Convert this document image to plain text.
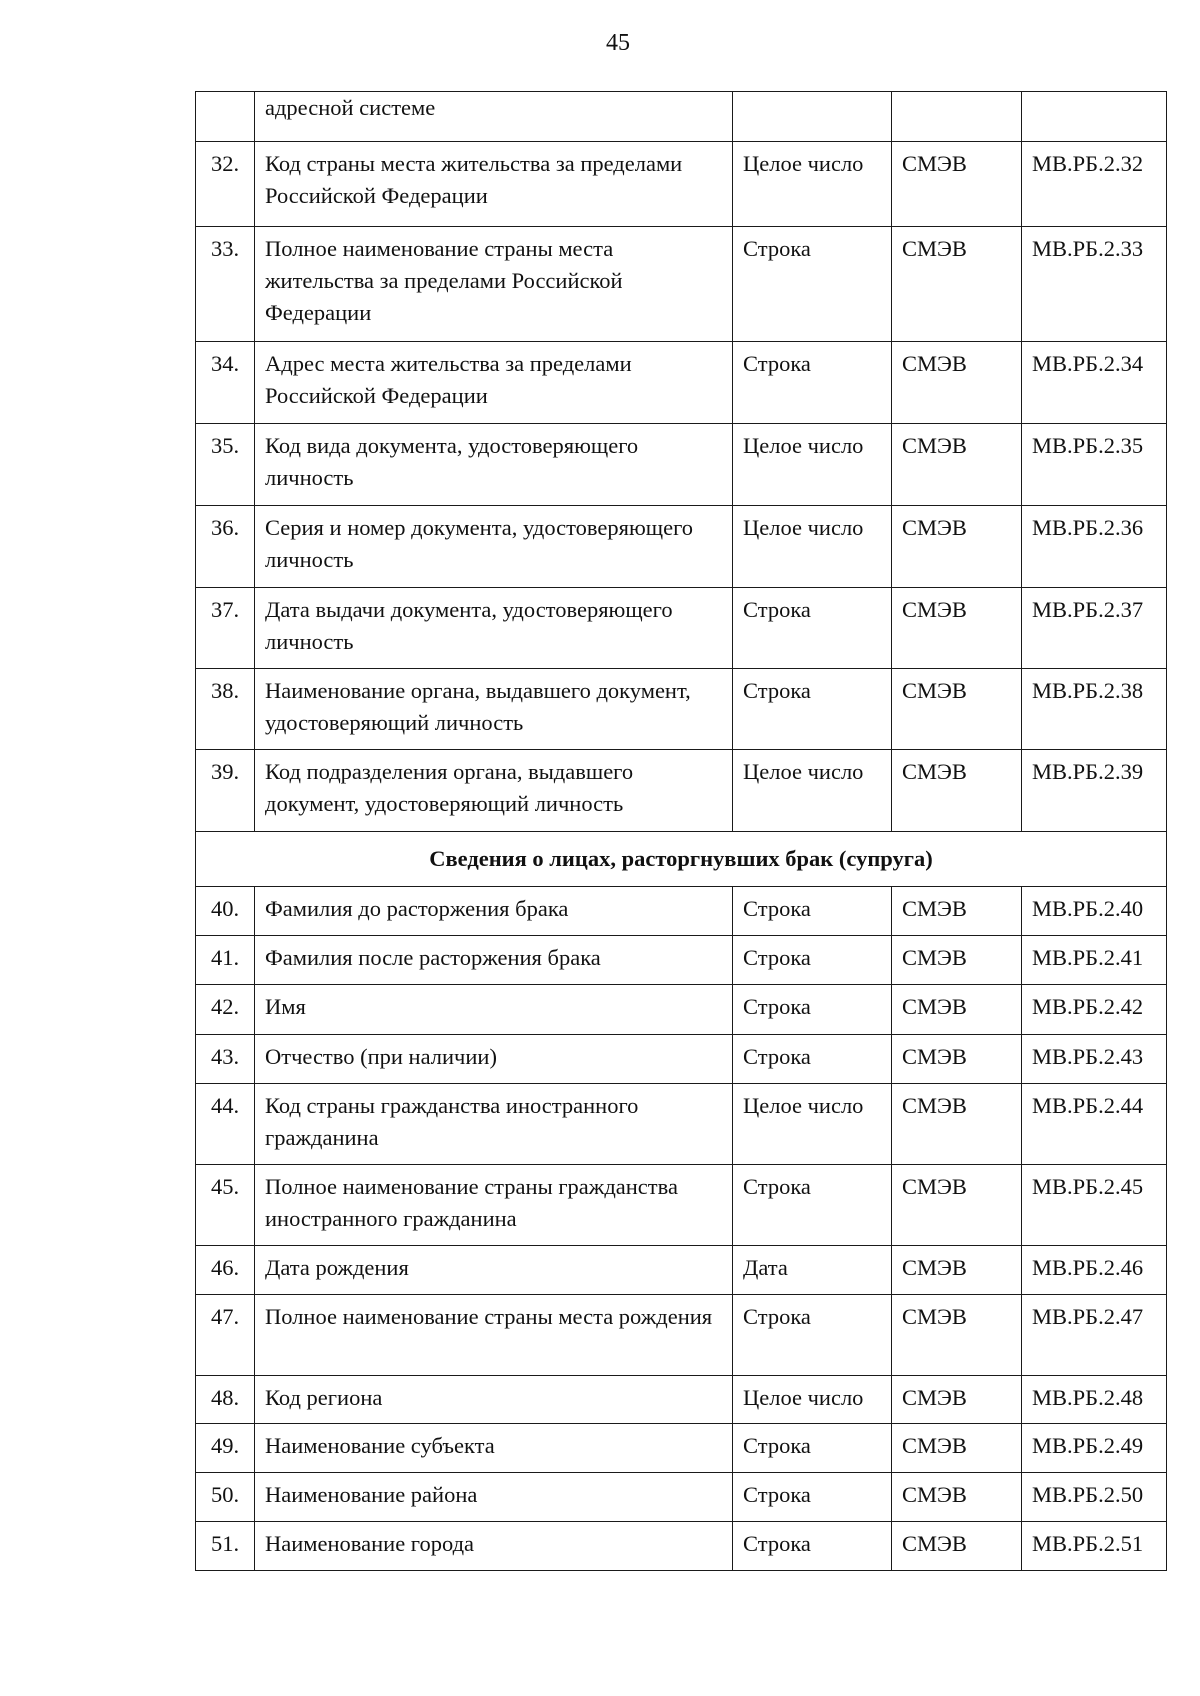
45
	адресной системе			
32.	Код страны места жительства за пределами Российской Федерации	Целое число	СМЭВ	МВ.РБ.2.32
33.	Полное наименование страны места жительства за пределами Российской Федерации	Строка	СМЭВ	МВ.РБ.2.33
34.	Адрес места жительства за пределами Российской Федерации	Строка	СМЭВ	МВ.РБ.2.34
35.	Код вида документа, удостоверяющего личность	Целое число	СМЭВ	МВ.РБ.2.35
36.	Серия и номер документа, удостоверяющего личность	Целое число	СМЭВ	МВ.РБ.2.36
37.	Дата выдачи документа, удостоверяющего личность	Строка	СМЭВ	МВ.РБ.2.37
38.	Наименование органа, выдавшего документ, удостоверяющий личность	Строка	СМЭВ	МВ.РБ.2.38
39.	Код подразделения органа, выдавшего документ, удостоверяющий личность	Целое число	СМЭВ	МВ.РБ.2.39
Сведения о лицах, расторгнувших брак (супруга)				
40.	Фамилия до расторжения брака	Строка	СМЭВ	МВ.РБ.2.40
41.	Фамилия после расторжения брака	Строка	СМЭВ	МВ.РБ.2.41
42.	Имя	Строка	СМЭВ	МВ.РБ.2.42
43.	Отчество (при наличии)	Строка	СМЭВ	МВ.РБ.2.43
44.	Код страны гражданства иностранного гражданина	Целое число	СМЭВ	МВ.РБ.2.44
45.	Полное наименование страны гражданства иностранного гражданина	Строка	СМЭВ	МВ.РБ.2.45
46.	Дата рождения	Дата	СМЭВ	МВ.РБ.2.46
47.	Полное наименование страны места рождения	Строка	СМЭВ	МВ.РБ.2.47
48.	Код региона	Целое число	СМЭВ	МВ.РБ.2.48
49.	Наименование субъекта	Строка	СМЭВ	МВ.РБ.2.49
50.	Наименование района	Строка	СМЭВ	МВ.РБ.2.50
51.	Наименование города	Строка	СМЭВ	МВ.РБ.2.51
